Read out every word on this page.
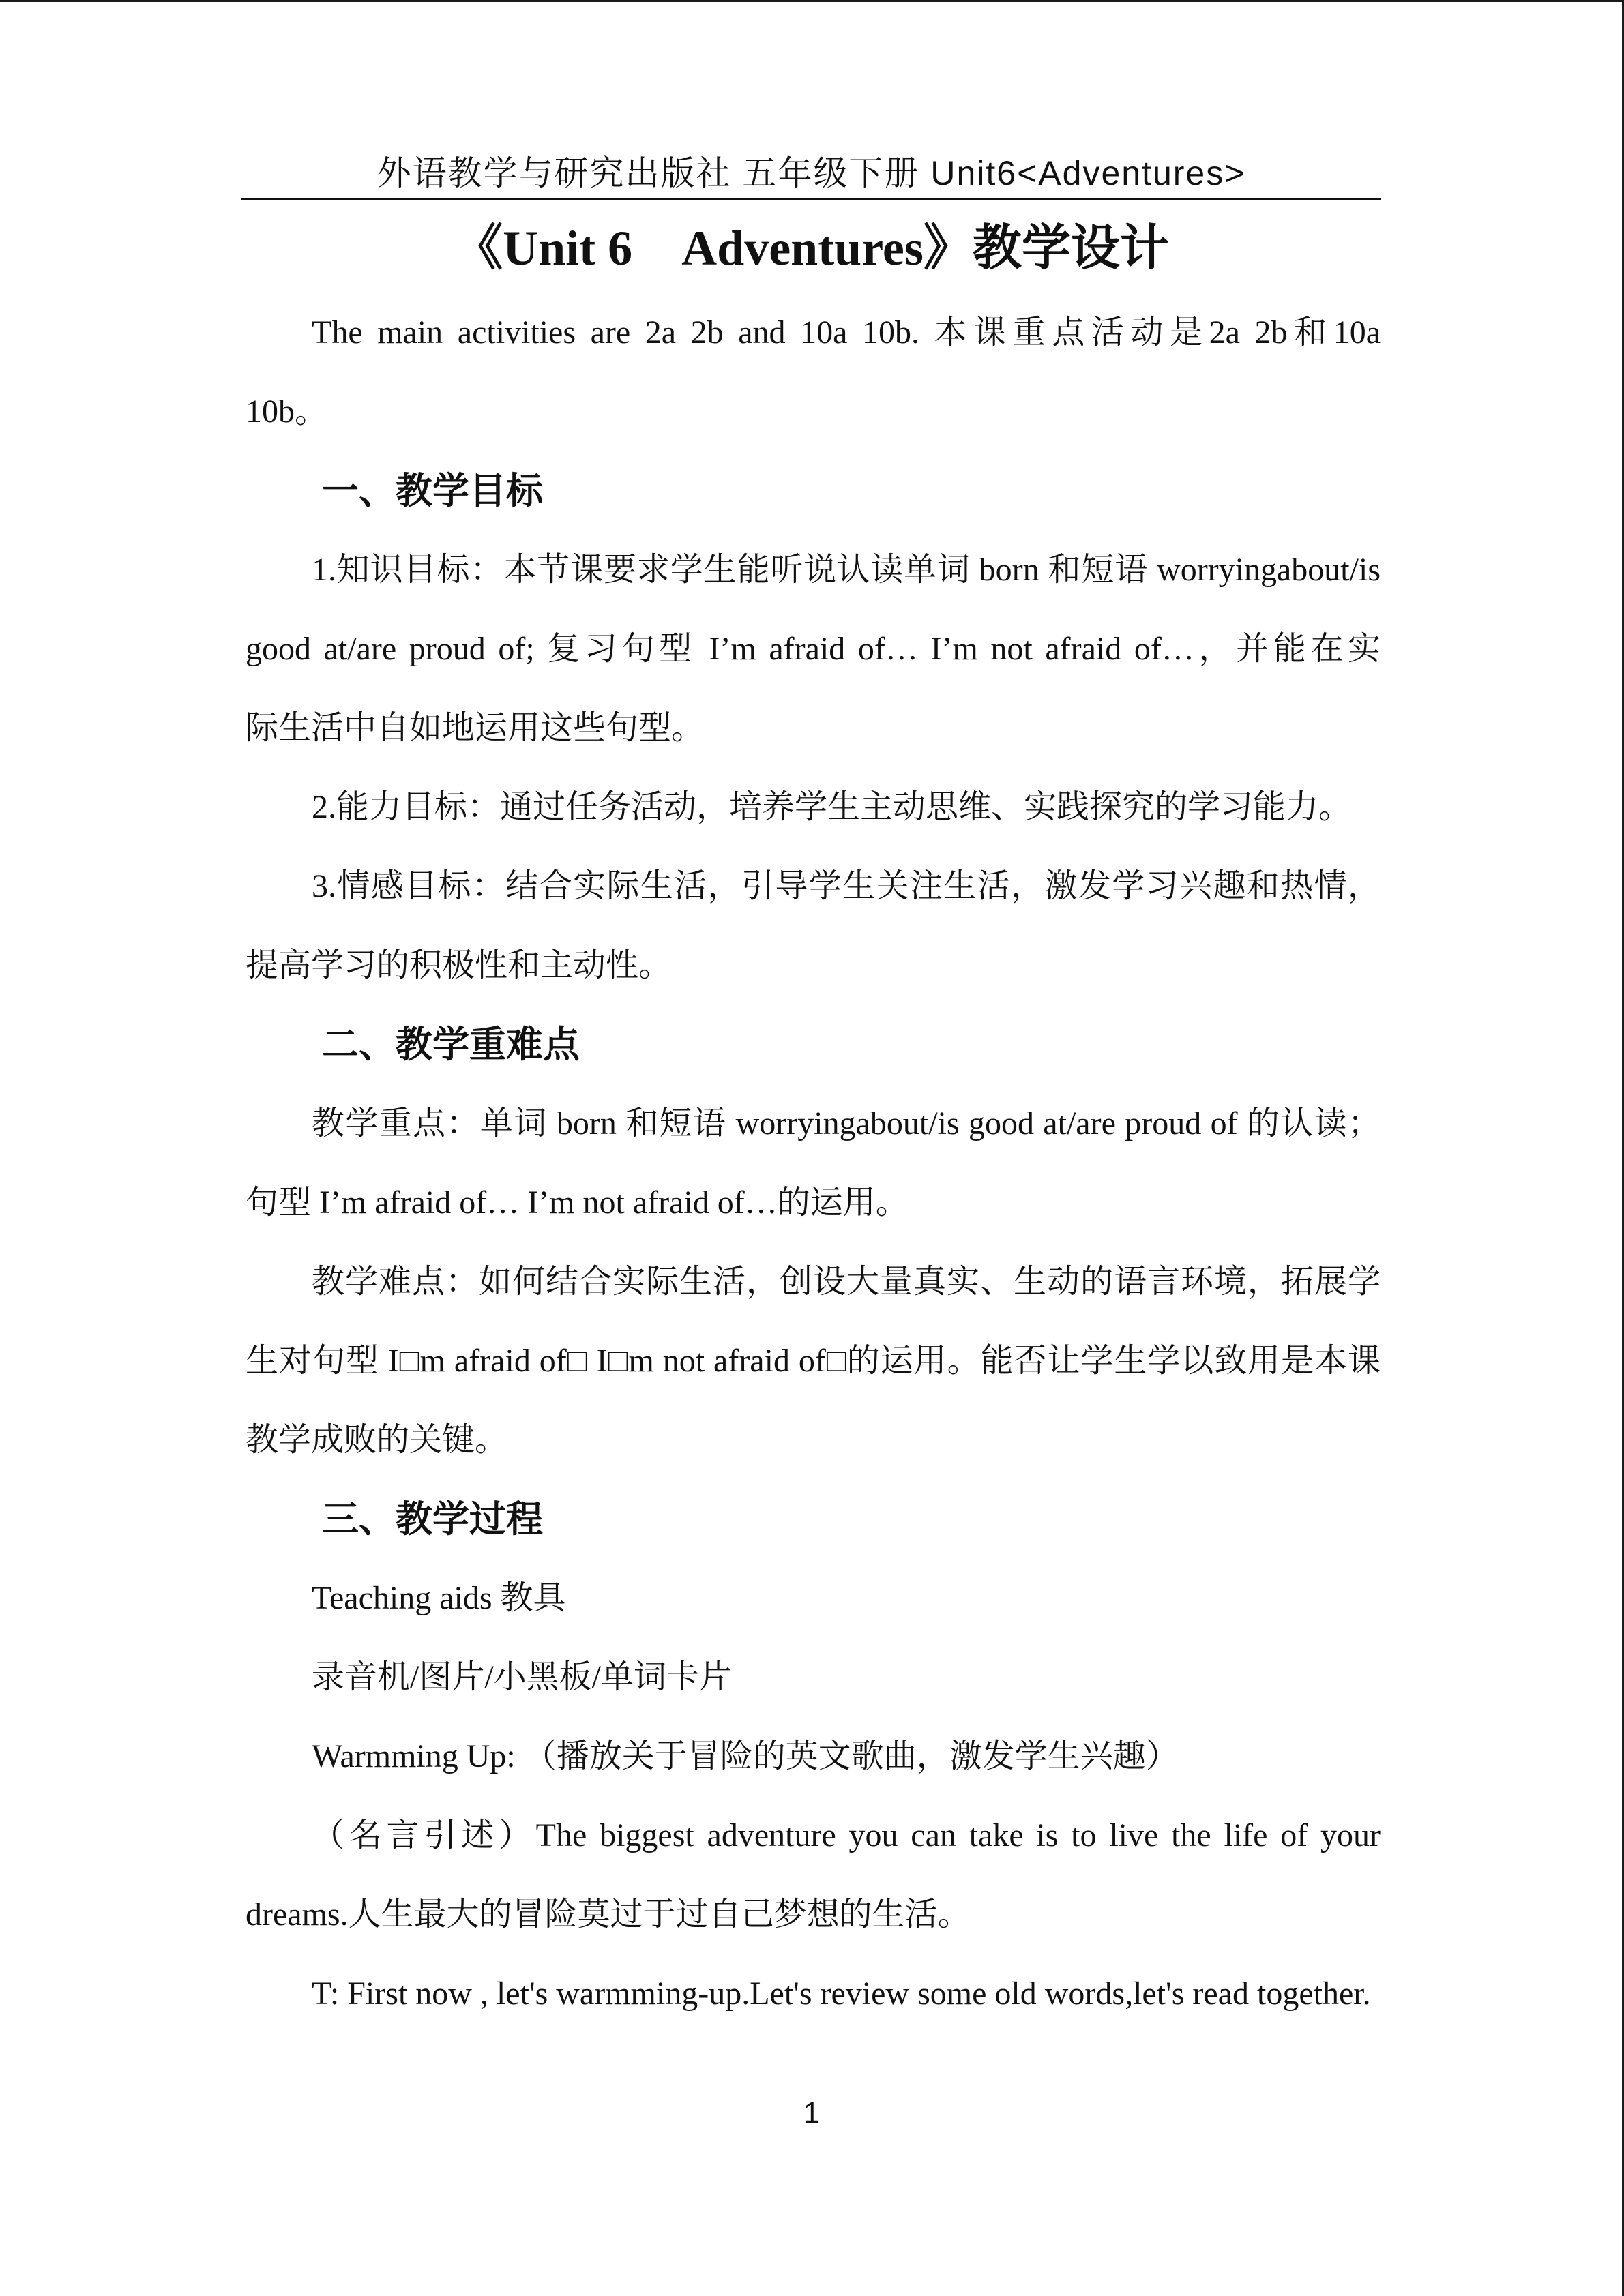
外语教学与研究出版社 五年级下册 Unit6<Adventures>
《Unit 6　Adventures》教学设计
The main activities are 2a 2b and 10a 10b. 本课重点活动是2a 2b和10a
10b。
一、教学目标
1.知识目标：本节课要求学生能听说认读单词 born 和短语 worryingabout/is
good at/are proud of; 复习句型 I’m afraid of… I’m not afraid of…，并能在实
际生活中自如地运用这些句型。
2.能力目标：通过任务活动，培养学生主动思维、实践探究的学习能力。
3.情感目标：结合实际生活，引导学生关注生活，激发学习兴趣和热情，
提高学习的积极性和主动性。
二、教学重难点
教学重点：单词 born 和短语 worryingabout/is good at/are proud of 的认读；
句型 I’m afraid of… I’m not afraid of…的运用。
教学难点：如何结合实际生活，创设大量真实、生动的语言环境，拓展学
生对句型 I□m afraid of□ I□m not afraid of□的运用。能否让学生学以致用是本课
教学成败的关键。
三、教学过程
Teaching aids 教具
录音机/图片/小黑板/单词卡片
Warmming Up: （播放关于冒险的英文歌曲，激发学生兴趣）
（名言引述）The biggest adventure you can take is to live the life of your
dreams.人生最大的冒险莫过于过自己梦想的生活。
T: First now , let's warmming-up.Let's review some old words,let's read together.
1
